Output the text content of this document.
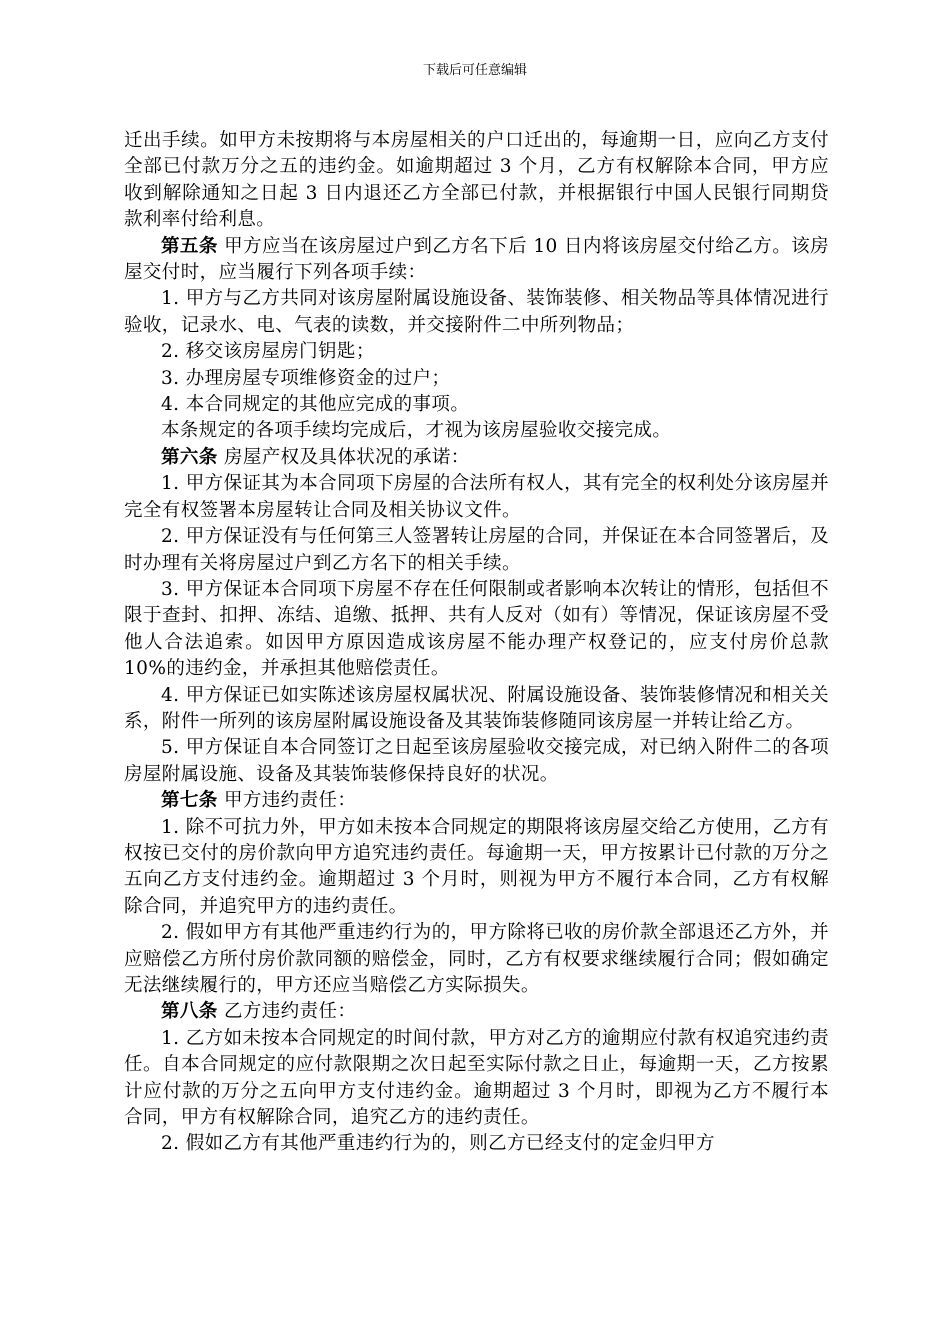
下载后可任意编辑

迁出手续。如甲方未按期将与本房屋相关的户口迁出的，每逾期一日，应向乙方支付全部已付款万分之五的违约金。如逾期超过 3 个月，乙方有权解除本合同，甲方应收到解除通知之日起 3 日内退还乙方全部已付款，并根据银行中国人民银行同期贷款利率付给利息。

第五条 甲方应当在该房屋过户到乙方名下后 10 日内将该房屋交付给乙方。该房屋交付时，应当履行下列各项手续：

1. 甲方与乙方共同对该房屋附属设施设备、装饰装修、相关物品等具体情况进行验收，记录水、电、气表的读数，并交接附件二中所列物品；

2. 移交该房屋房门钥匙；

3. 办理房屋专项维修资金的过户；

4. 本合同规定的其他应完成的事项。

本条规定的各项手续均完成后，才视为该房屋验收交接完成。

第六条 房屋产权及具体状况的承诺：

1. 甲方保证其为本合同项下房屋的合法所有权人，其有完全的权利处分该房屋并完全有权签署本房屋转让合同及相关协议文件。

2. 甲方保证没有与任何第三人签署转让房屋的合同，并保证在本合同签署后，及时办理有关将房屋过户到乙方名下的相关手续。

3. 甲方保证本合同项下房屋不存在任何限制或者影响本次转让的情形，包括但不限于查封、扣押、冻结、追缴、抵押、共有人反对（如有）等情况，保证该房屋不受他人合法追索。如因甲方原因造成该房屋不能办理产权登记的，应支付房价总款 10%的违约金，并承担其他赔偿责任。

4. 甲方保证已如实陈述该房屋权属状况、附属设施设备、装饰装修情况和相关关系，附件一所列的该房屋附属设施设备及其装饰装修随同该房屋一并转让给乙方。

5. 甲方保证自本合同签订之日起至该房屋验收交接完成，对已纳入附件二的各项房屋附属设施、设备及其装饰装修保持良好的状况。

第七条 甲方违约责任：

1. 除不可抗力外，甲方如未按本合同规定的期限将该房屋交给乙方使用，乙方有权按已交付的房价款向甲方追究违约责任。每逾期一天，甲方按累计已付款的万分之五向乙方支付违约金。逾期超过 3 个月时，则视为甲方不履行本合同，乙方有权解除合同，并追究甲方的违约责任。

2. 假如甲方有其他严重违约行为的，甲方除将已收的房价款全部退还乙方外，并应赔偿乙方所付房价款同额的赔偿金，同时，乙方有权要求继续履行合同；假如确定无法继续履行的，甲方还应当赔偿乙方实际损失。

第八条 乙方违约责任：

1. 乙方如未按本合同规定的时间付款，甲方对乙方的逾期应付款有权追究违约责任。自本合同规定的应付款限期之次日起至实际付款之日止，每逾期一天，乙方按累计应付款的万分之五向甲方支付违约金。逾期超过 3 个月时，即视为乙方不履行本合同，甲方有权解除合同，追究乙方的违约责任。

2. 假如乙方有其他严重违约行为的，则乙方已经支付的定金归甲方
